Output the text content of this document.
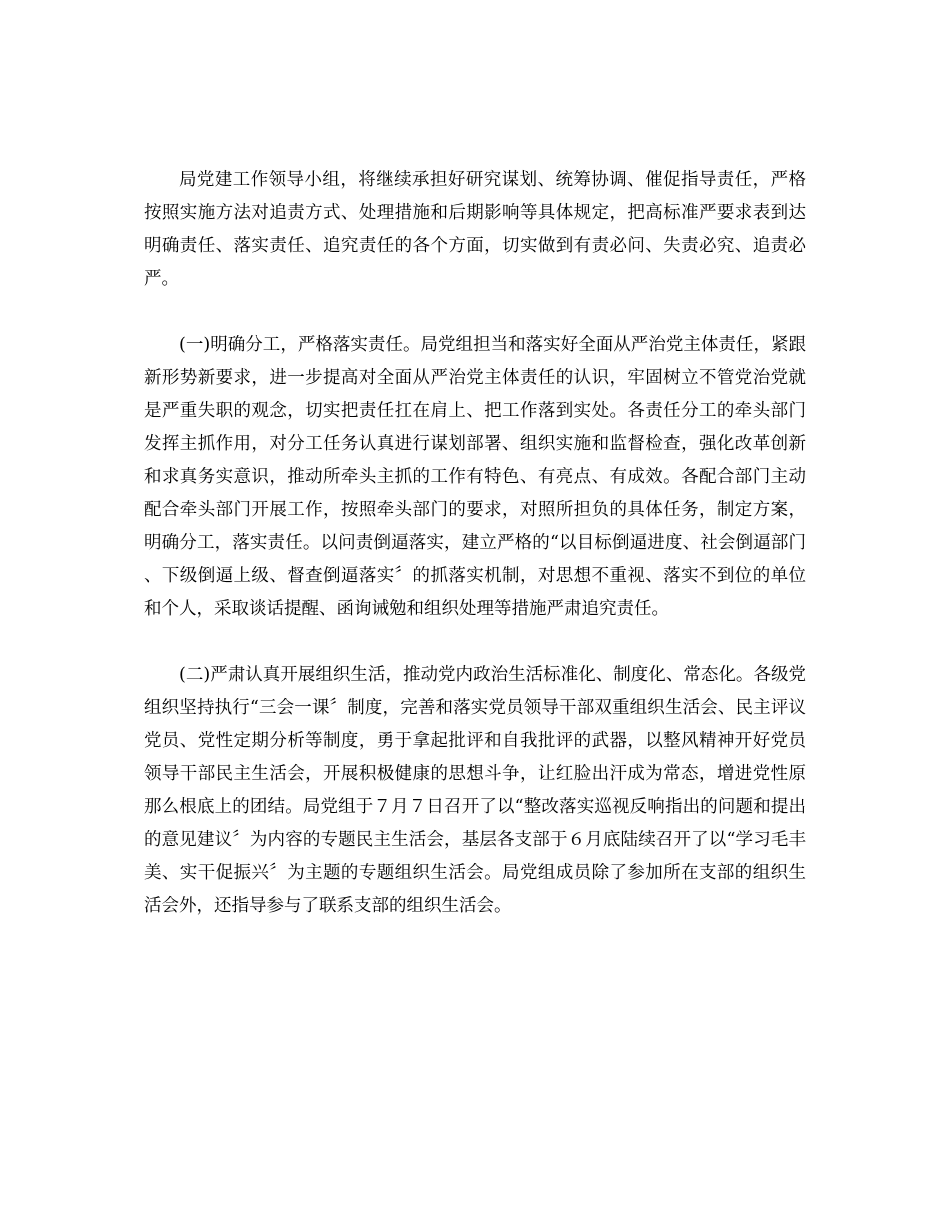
局党建工作领导小组，将继续承担好研究谋划、统筹协调、催促指导责任，严格按照实施方法对追责方式、处理措施和后期影响等具体规定，把高标准严要求表到达明确责任、落实责任、追究责任的各个方面，切实做到有责必问、失责必究、追责必严。

(一)明确分工，严格落实责任。局党组担当和落实好全面从严治党主体责任，紧跟新形势新要求，进一步提高对全面从严治党主体责任的认识，牢固树立不管党治党就是严重失职的观念，切实把责任扛在肩上、把工作落到实处。各责任分工的牵头部门发挥主抓作用，对分工任务认真进行谋划部署、组织实施和监督检查，强化改革创新和求真务实意识，推动所牵头主抓的工作有特色、有亮点、有成效。各配合部门主动配合牵头部门开展工作，按照牵头部门的要求，对照所担负的具体任务，制定方案，明确分工，落实责任。以问责倒逼落实，建立严格的“以目标倒逼进度、社会倒逼部门、下级倒逼上级、督查倒逼落实〞的抓落实机制，对思想不重视、落实不到位的单位和个人，采取谈话提醒、函询诫勉和组织处理等措施严肃追究责任。

(二)严肃认真开展组织生活，推动党内政治生活标准化、制度化、常态化。各级党组织坚持执行“三会一课〞制度，完善和落实党员领导干部双重组织生活会、民主评议党员、党性定期分析等制度，勇于拿起批评和自我批评的武器，以整风精神开好党员领导干部民主生活会，开展积极健康的思想斗争，让红脸出汗成为常态，增进党性原那么根底上的团结。局党组于７月７日召开了以“整改落实巡视反响指出的问题和提出的意见建议〞为内容的专题民主生活会，基层各支部于６月底陆续召开了以“学习毛丰美、实干促振兴〞为主题的专题组织生活会。局党组成员除了参加所在支部的组织生活会外，还指导参与了联系支部的组织生活会。
